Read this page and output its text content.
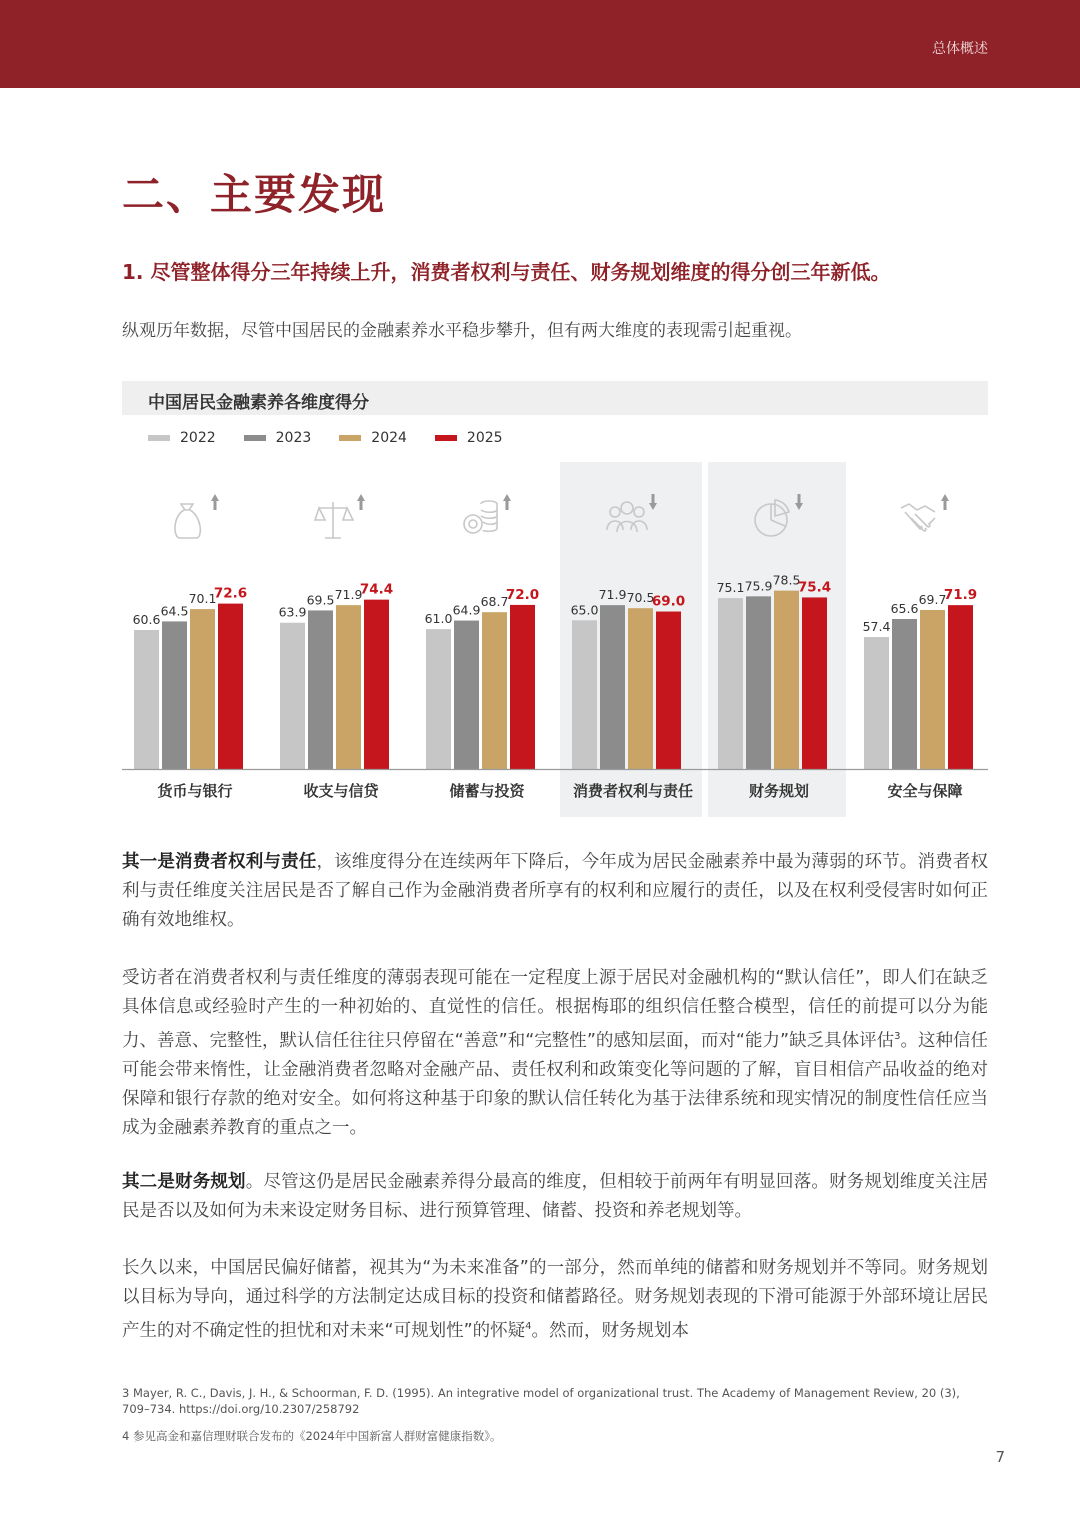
总体概述
二、主要发现
1. 尽管整体得分三年持续上升，消费者权利与责任、财务规划维度的得分创三年新低。
纵观历年数据，尽管中国居民的金融素养水平稳步攀升，但有两大维度的表现需引起重视。
中国居民金融素养各维度得分
2022	2023	2024	2025
60.6
64.5
70.1
72.6
货币与银行
63.9
69.5 71.9
74.4
收支与信贷
61.0
64.9
68.7
72.0
储蓄与投资
65.0
71.9 70.5
69.0
消费者权利与责任
75.1 75.9 78.5
75.4
财务规划
57.4
65.6
69.7
71.9
安全与保障
其一是消费者权利与责任，该维度得分在连续两年下降后，今年成为居民金融素养中最为薄弱的环节。消费者权利与责任维度关注居民是否了解自己作为金融消费者所享有的权利和应履行的责任，以及在权利受侵害时如何正确有效地维权。
受访者在消费者权利与责任维度的薄弱表现可能在一定程度上源于居民对金融机构的“默认信任”，即人们在缺乏具体信息或经验时产生的一种初始的、直觉性的信任。根据梅耶的组织信任整合模型，信任的前提可以分为能力、善意、完整性，默认信任往往只停留在“善意”和“完整性”的感知层面，而对“能力”缺乏具体评估$^3$。这种信任可能会带来惰性，让金融消费者忽略对金融产品、责任权利和政策变化等问题的了解，盲目相信产品收益的绝对保障和银行存款的绝对安全。如何将这种基于印象的默认信任转化为基于法律系统和现实情况的制度性信任应当成为金融素养教育的重点之一。
其二是财务规划。尽管这仍是居民金融素养得分最高的维度，但相较于前两年有明显回落。财务规划维度关注居民是否以及如何为未来设定财务目标、进行预算管理、储蓄、投资和养老规划等。
长久以来，中国居民偏好储蓄，视其为“为未来准备”的一部分，然而单纯的储蓄和财务规划并不等同。财务规划以目标为导向，通过科学的方法制定达成目标的投资和储蓄路径。财务规划表现的下滑可能源于外部环境让居民产生的对不确定性的担忧和对未来“可规划性”的怀疑$^4$。然而，财务规划本
3 Mayer, R. C., Davis, J. H., & Schoorman, F. D. (1995). An integrative model of organizational trust. The Academy of Management Review, 20 (3), 709–734. https://doi.org/10.2307/258792
4 参见高金和嘉信理财联合发布的《2024年中国新富人群财富健康指数》。
7
